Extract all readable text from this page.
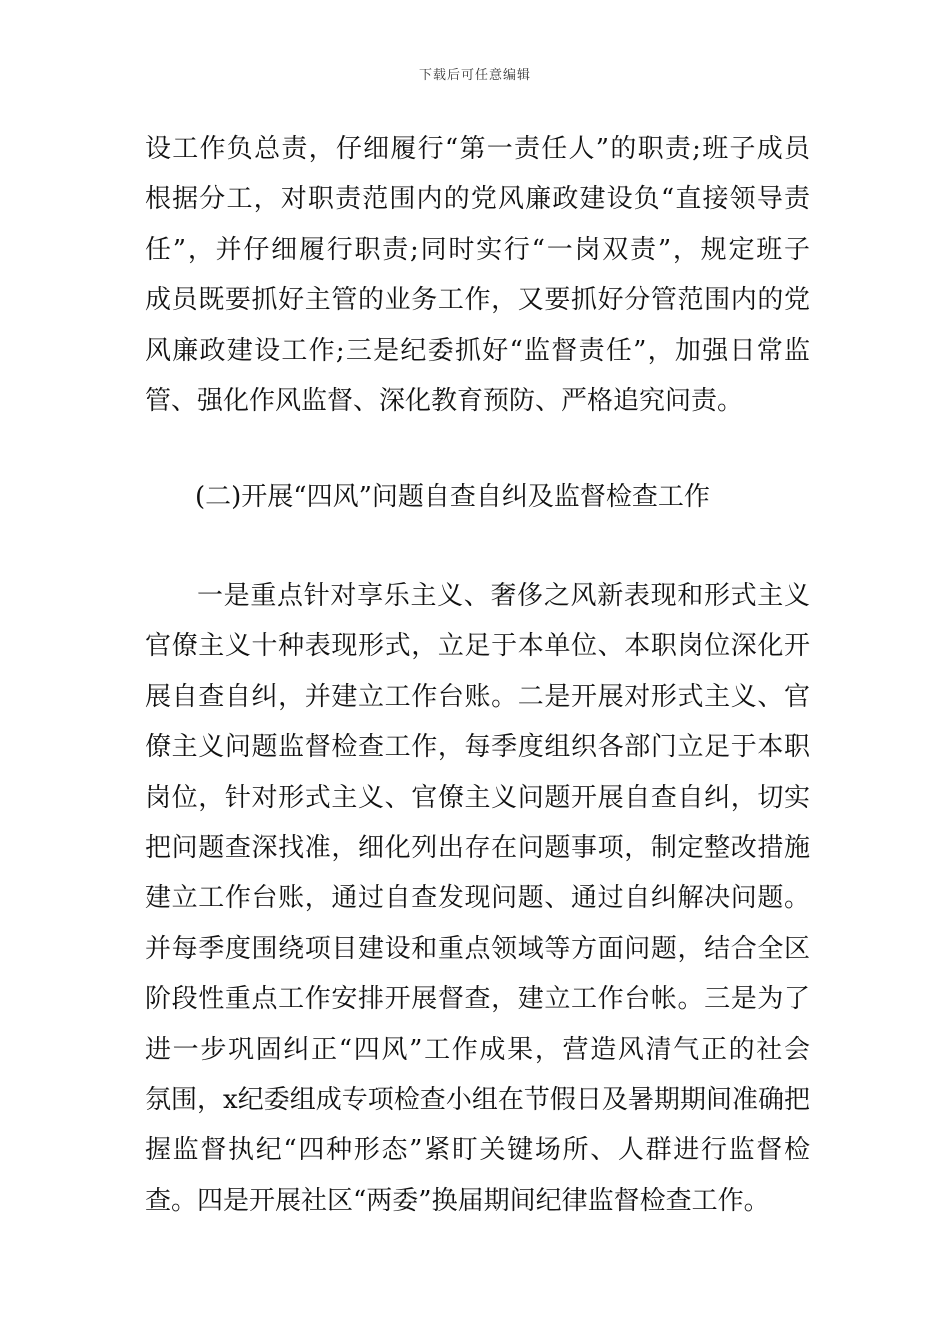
下载后可任意编辑
设工作负总责，仔细履行“第一责任人”的职责;班子成员
根据分工，对职责范围内的党风廉政建设负“直接领导责
任”，并仔细履行职责;同时实行“一岗双责”，规定班子
成员既要抓好主管的业务工作，又要抓好分管范围内的党
风廉政建设工作;三是纪委抓好“监督责任”，加强日常监
管、强化作风监督、深化教育预防、严格追究问责。
(二)开展“四风”问题自查自纠及监督检查工作
一是重点针对享乐主义、奢侈之风新表现和形式主义
官僚主义十种表现形式，立足于本单位、本职岗位深化开
展自查自纠，并建立工作台账。二是开展对形式主义、官
僚主义问题监督检查工作，每季度组织各部门立足于本职
岗位，针对形式主义、官僚主义问题开展自查自纠，切实
把问题查深找准，细化列出存在问题事项，制定整改措施
建立工作台账，通过自查发现问题、通过自纠解决问题。
并每季度围绕项目建设和重点领域等方面问题，结合全区
阶段性重点工作安排开展督查，建立工作台帐。三是为了
进一步巩固纠正“四风”工作成果，营造风清气正的社会
氛围，x纪委组成专项检查小组在节假日及暑期期间准确把
握监督执纪“四种形态”紧盯关键场所、人群进行监督检
查。四是开展社区“两委”换届期间纪律监督检查工作。
